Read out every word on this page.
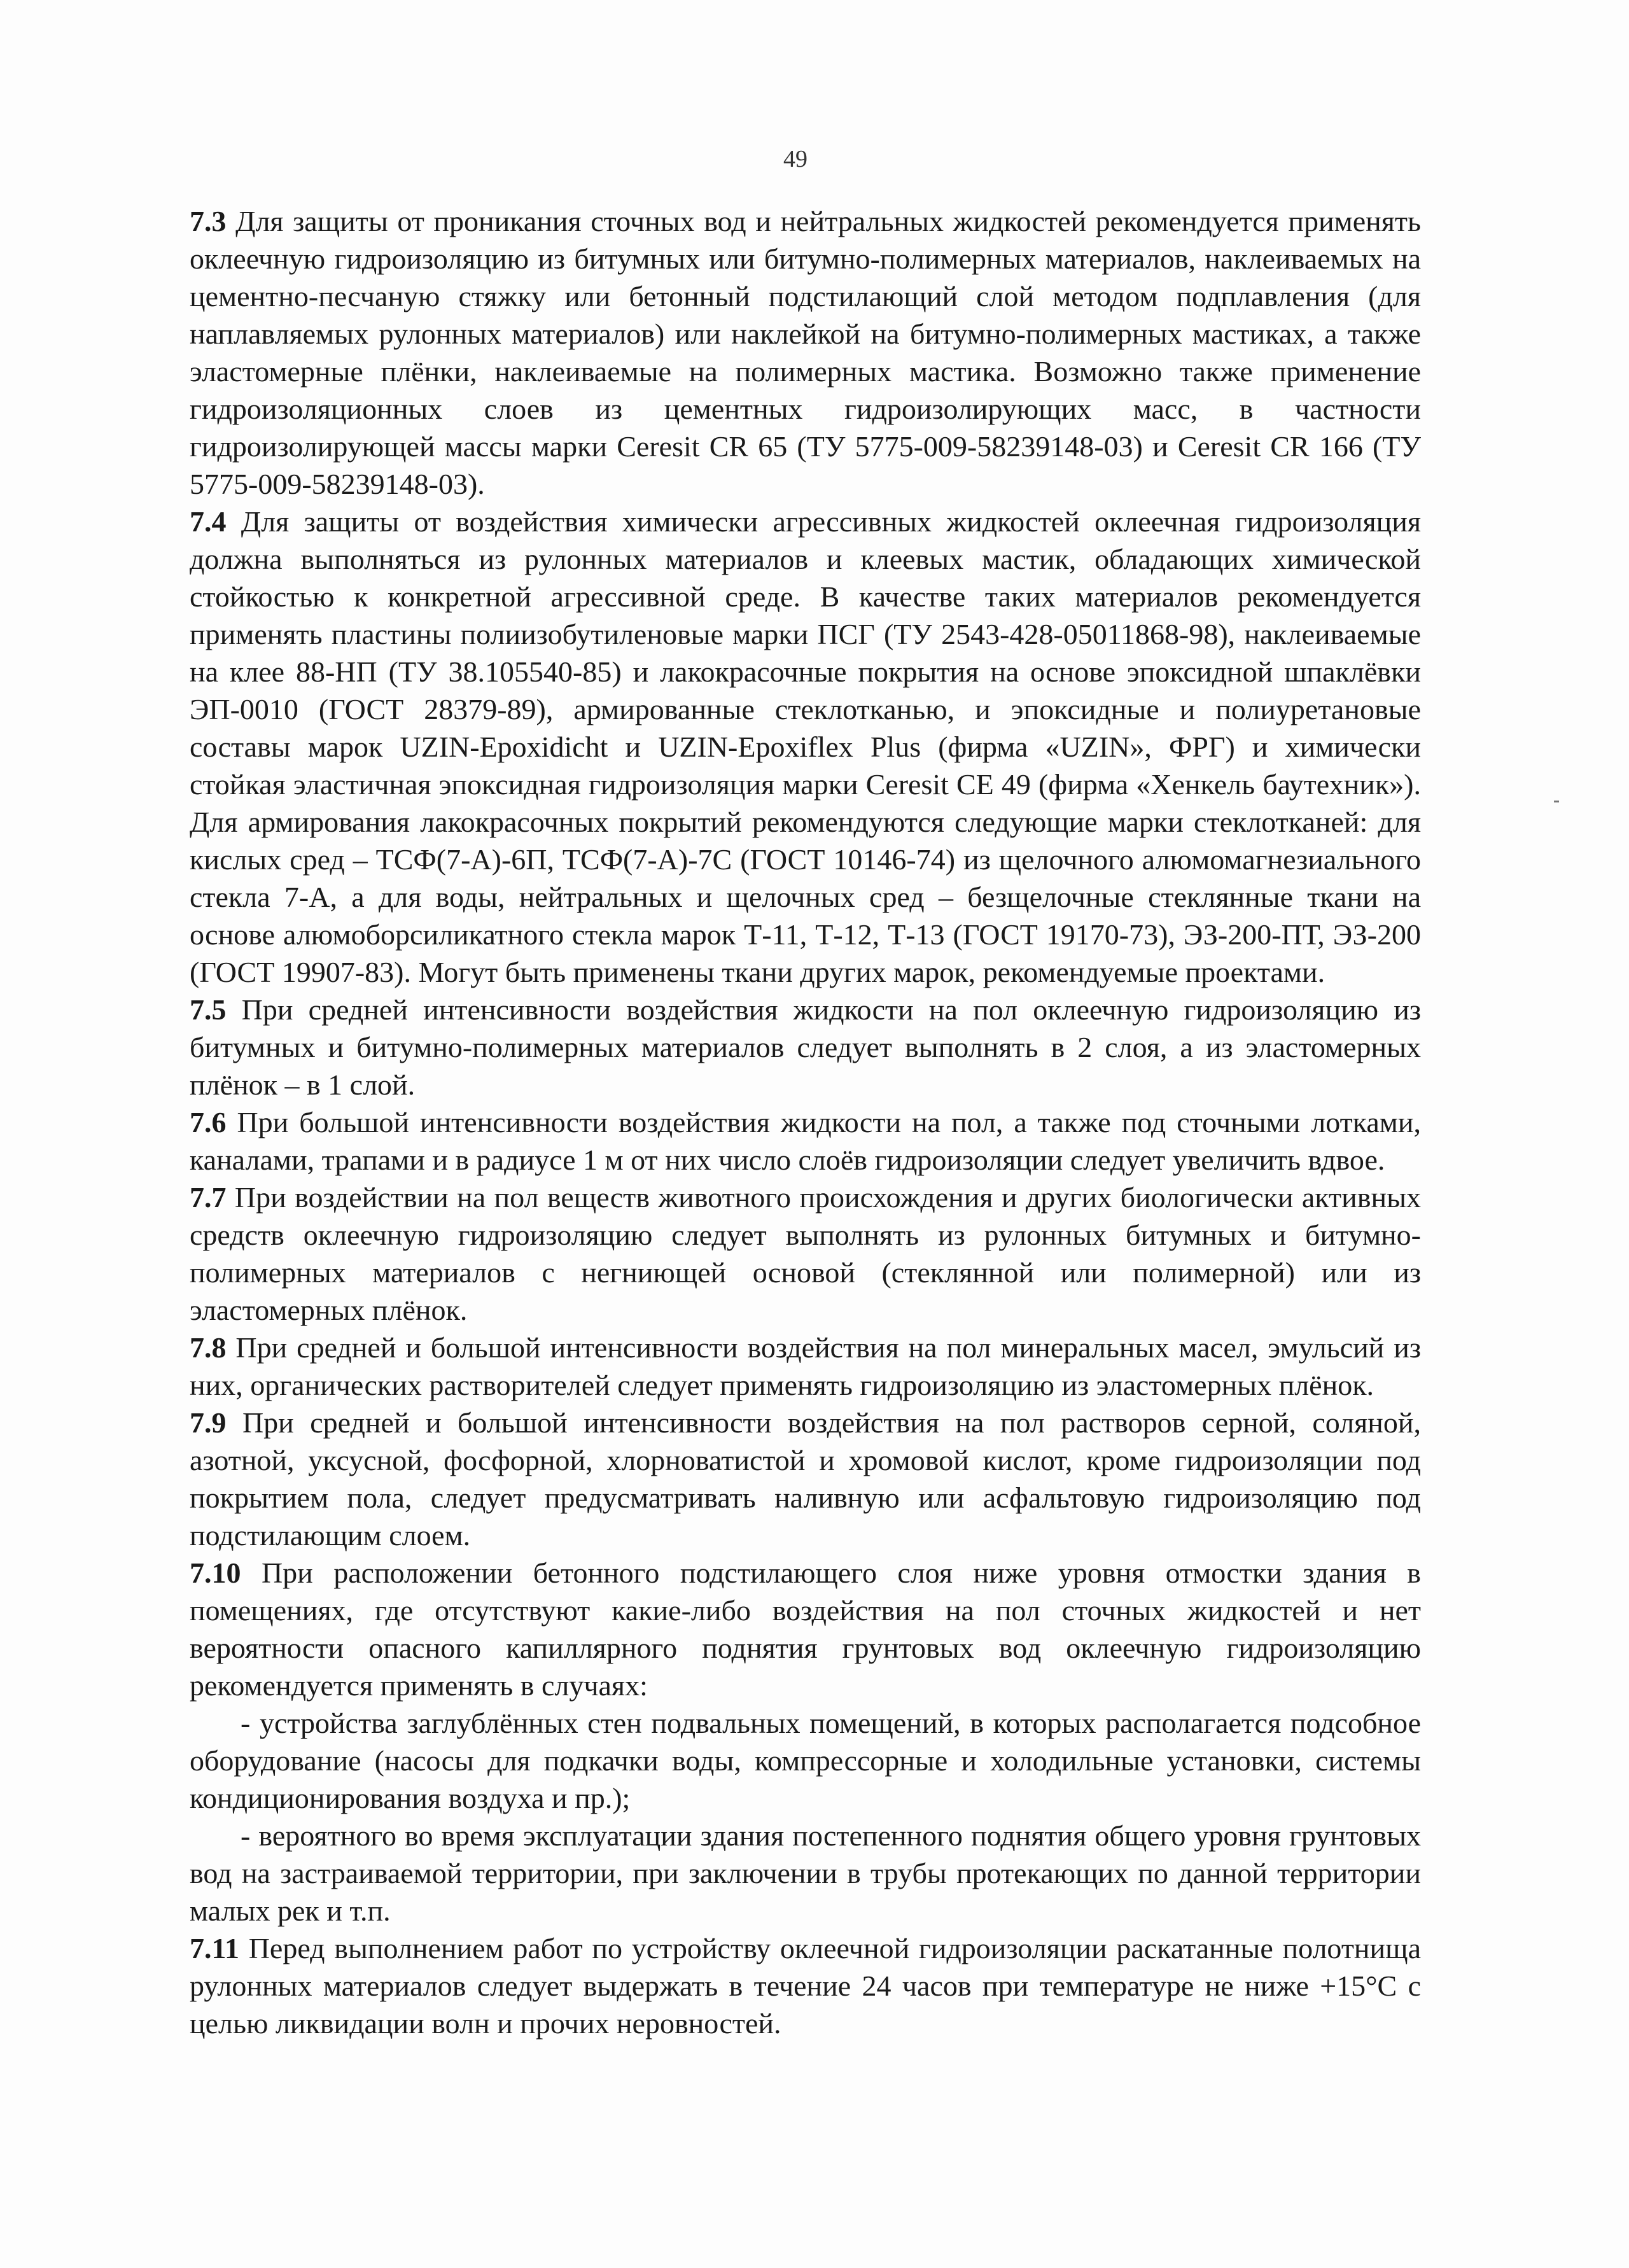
49

7.3 Для защиты от проникания сточных вод и нейтральных жидкостей рекомендуется применять оклеечную гидроизоляцию из битумных или битумно-полимерных материалов, наклеиваемых на цементно-песчаную стяжку или бетонный подстилающий слой методом подплавления (для наплавляемых рулонных материалов) или наклейкой на битумно-полимерных мастиках, а также эластомерные плёнки, наклеиваемые на полимерных мастика. Возможно также применение гидроизоляционных слоев из цементных гидроизолирующих масс, в частности гидроизолирующей массы марки Ceresit CR 65 (ТУ 5775-009-58239148-03) и Ceresit CR 166 (ТУ 5775-009-58239148-03).

7.4 Для защиты от воздействия химически агрессивных жидкостей оклеечная гидроизоляция должна выполняться из рулонных материалов и клеевых мастик, обладающих химической стойкостью к конкретной агрессивной среде. В качестве таких материалов рекомендуется применять пластины полиизобутиленовые марки ПСГ (ТУ 2543-428-05011868-98), наклеиваемые на клее 88-НП (ТУ 38.105540-85) и лакокрасочные покрытия на основе эпоксидной шпаклёвки ЭП-0010 (ГОСТ 28379-89), армированные стеклотканью, и эпоксидные и полиуретановые составы марок UZIN-Epoxidicht и UZIN-Epoxiflex Plus (фирма «UZIN», ФРГ) и химически стойкая эластичная эпоксидная гидроизоляция марки Ceresit CE 49 (фирма «Хенкель баутехник»). Для армирования лакокрасочных покрытий рекомендуются следующие марки стеклотканей: для кислых сред – ТСФ(7-А)-6П, ТСФ(7-А)-7С (ГОСТ 10146-74) из щелочного алюмомагнезиального стекла 7-А, а для воды, нейтральных и щелочных сред – безщелочные стеклянные ткани на основе алюмоборсиликатного стекла марок Т-11, Т-12, Т-13 (ГОСТ 19170-73), ЭЗ-200-ПТ, ЭЗ-200 (ГОСТ 19907-83). Могут быть применены ткани других марок, рекомендуемые проектами.

7.5 При средней интенсивности воздействия жидкости на пол оклеечную гидроизоляцию из битумных и битумно-полимерных материалов следует выполнять в 2 слоя, а из эластомерных плёнок – в 1 слой.

7.6 При большой интенсивности воздействия жидкости на пол, а также под сточными лотками, каналами, трапами и в радиусе 1 м от них число слоёв гидроизоляции следует увеличить вдвое.

7.7 При воздействии на пол веществ животного происхождения и других биологически активных средств оклеечную гидроизоляцию следует выполнять из рулонных битумных и битумно-полимерных материалов с негниющей основой (стеклянной или полимерной) или из эластомерных плёнок.

7.8 При средней и большой интенсивности воздействия на пол минеральных масел, эмульсий из них, органических растворителей следует применять гидроизоляцию из эластомерных плёнок.

7.9 При средней и большой интенсивности воздействия на пол растворов серной, соляной, азотной, уксусной, фосфорной, хлорноватистой и хромовой кислот, кроме гидроизоляции под покрытием пола, следует предусматривать наливную или асфальтовую гидроизоляцию под подстилающим слоем.

7.10 При расположении бетонного подстилающего слоя ниже уровня отмостки здания в помещениях, где отсутствуют какие-либо воздействия на пол сточных жидкостей и нет вероятности опасного капиллярного поднятия грунтовых вод оклеечную гидроизоляцию рекомендуется применять в случаях:

- устройства заглублённых стен подвальных помещений, в которых располагается подсобное оборудование (насосы для подкачки воды, компрессорные и холодильные установки, системы кондиционирования воздуха и пр.);

- вероятного во время эксплуатации здания постепенного поднятия общего уровня грунтовых вод на застраиваемой территории, при заключении в трубы протекающих по данной территории малых рек и т.п.

7.11 Перед выполнением работ по устройству оклеечной гидроизоляции раскатанные полотнища рулонных материалов следует выдержать в течение 24 часов при температуре не ниже +15°С с целью ликвидации волн и прочих неровностей.
